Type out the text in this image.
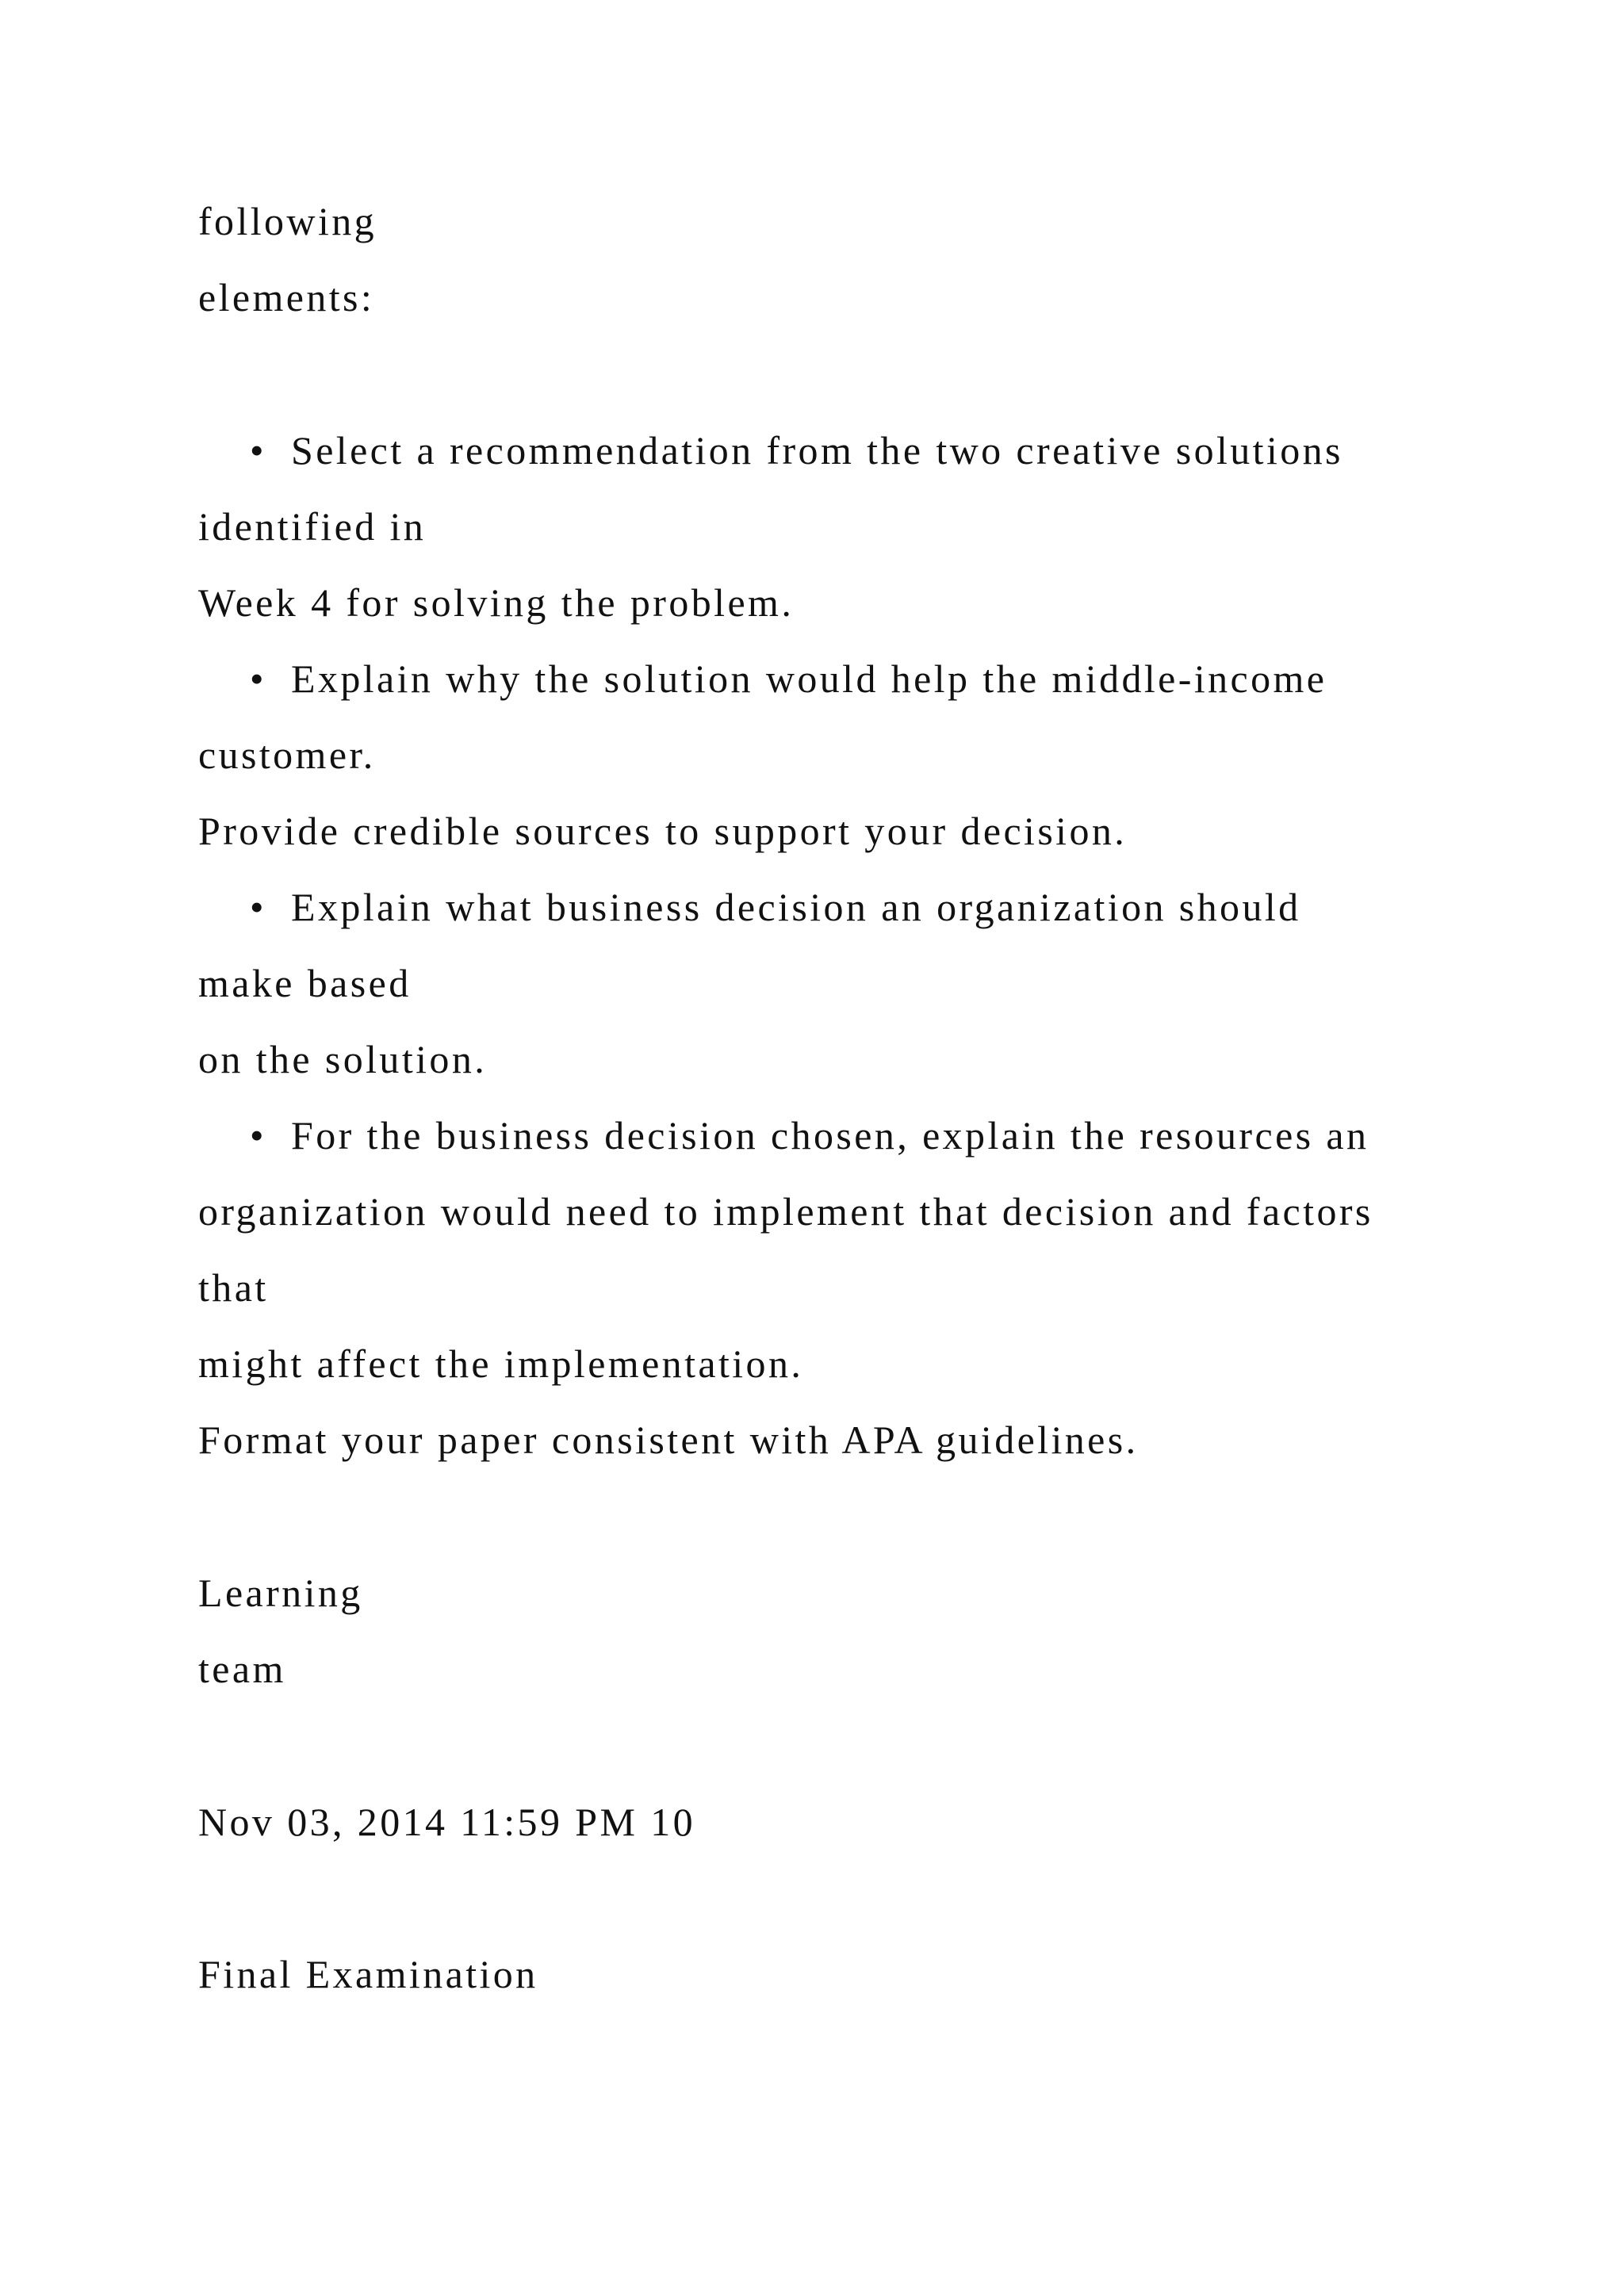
following
elements:
• Select a recommendation from the two creative solutions
identified in
Week 4 for solving the problem.
• Explain why the solution would help the middle-income
customer.
Provide credible sources to support your decision.
• Explain what business decision an organization should
make based
on the solution.
• For the business decision chosen, explain the resources an
organization would need to implement that decision and factors
that
might affect the implementation.
Format your paper consistent with APA guidelines.
Learning
team
Nov 03, 2014 11:59 PM 10
Final Examination
